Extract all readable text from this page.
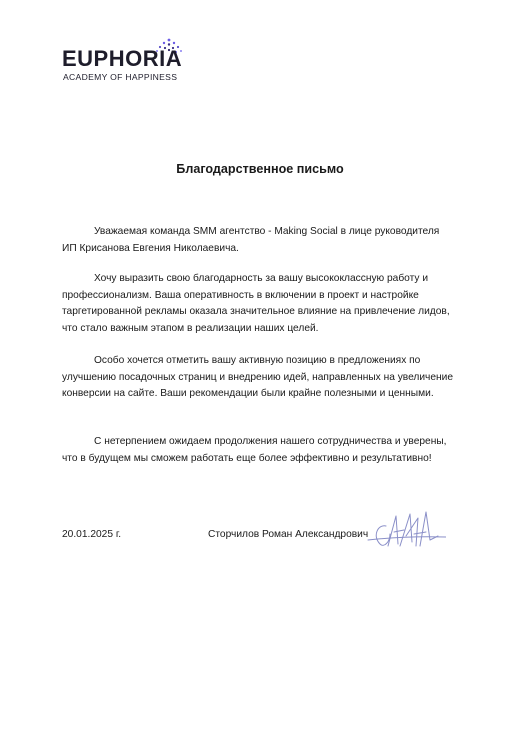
EUPHORIA
ACADEMY OF HAPPINESS
Благодарственное письмо

Уважаемая команда SMM агентство - Making Social в лице руководителя ИП Крисанова Евгения Николаевича.

Хочу выразить свою благодарность за вашу высококлассную работу и профессионализм. Ваша оперативность в включении в проект и настройке таргетированной рекламы оказала значительное влияние на привлечение лидов, что стало важным этапом в реализации наших целей.

Особо хочется отметить вашу активную позицию в предложениях по улучшению посадочных страниц и внедрению идей, направленных на увеличение конверсии на сайте. Ваши рекомендации были крайне полезными и ценными.

С нетерпением ожидаем продолжения нашего сотрудничества и уверены, что в будущем мы сможем работать еще более эффективно и результативно!

20.01.2025 г.	Сторчилов Роман Александрович
